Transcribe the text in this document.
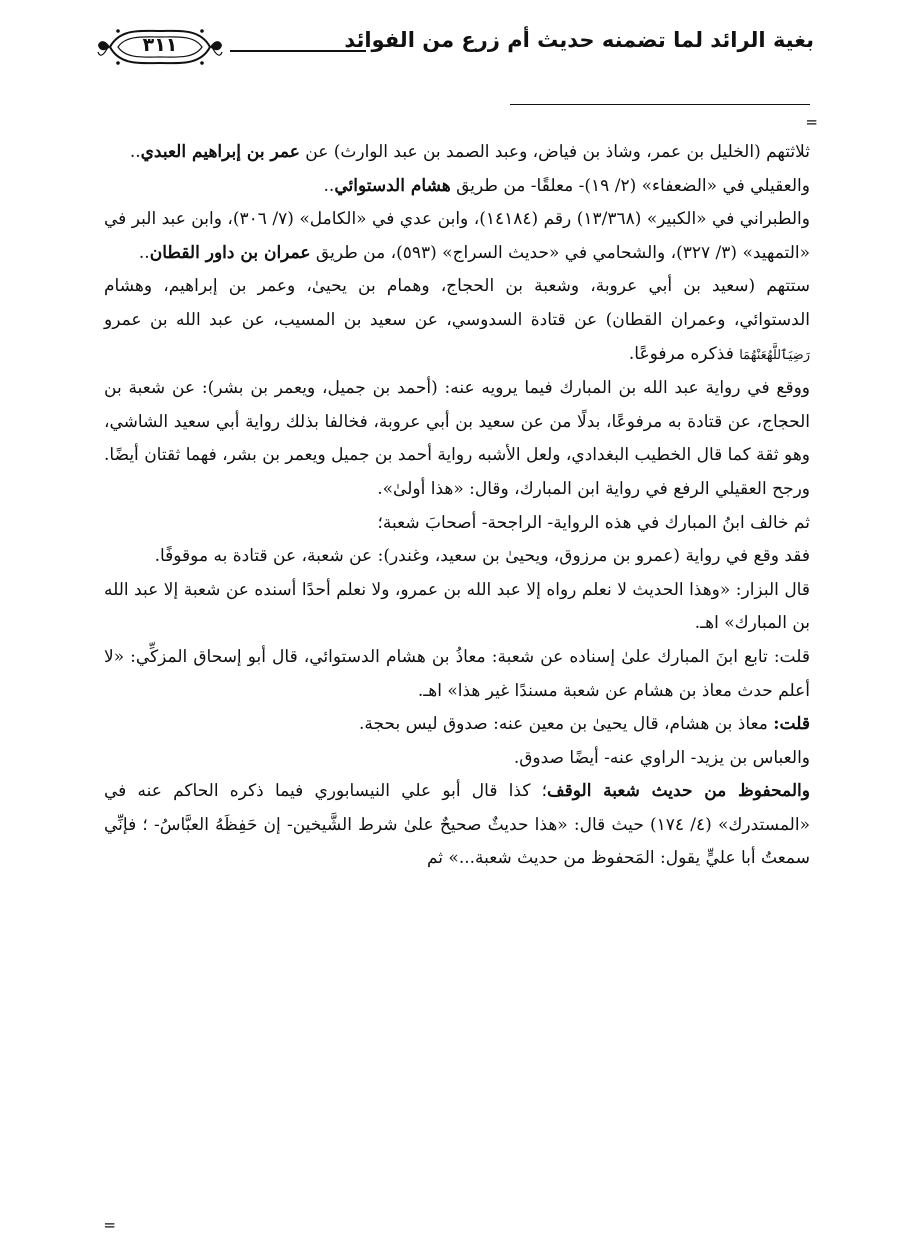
بغية الرائد لما تضمنه حديث أم زرع من الفوائد
٣١١
=

ثلاثتهم (الخليل بن عمر، وشاذ بن فياض، وعبد الصمد بن عبد الوارث) عن عمر بن إبراهيم العبدي..

والعقيلي في «الضعفاء» (٢/ ١٩)- معلقًا- من طريق هشام الدستوائي..

والطبراني في «الكبير» (١٣/٣٦٨) رقم (١٤١٨٤)، وابن عدي في «الكامل» (٧/ ٣٠٦)، وابن عبد البر في «التمهيد» (٣/ ٣٢٧)، والشحامي في «حديث السراج» (٥٩٣)، من طريق عمران بن داور القطان..

ستتهم (سعيد بن أبي عروبة، وشعبة بن الحجاج، وهمام بن يحيىٰ، وعمر بن إبراهيم، وهشام الدستوائي، وعمران القطان) عن قتادة السدوسي، عن سعيد بن المسيب، عن عبد الله بن عمرو رَضِيَٱللَّهُعَنْهُمَا فذكره مرفوعًا.

ووقع في رواية عبد الله بن المبارك فيما يرويه عنه: (أحمد بن جميل، ويعمر بن بشر): عن شعبة بن الحجاج، عن قتادة به مرفوعًا، بدلًا من عن سعيد بن أبي عروبة، فخالفا بذلك رواية أبي سعيد الشاشي، وهو ثقة كما قال الخطيب البغدادي، ولعل الأشبه رواية أحمد بن جميل ويعمر بن بشر، فهما ثقتان أيضًا. ورجح العقيلي الرفع في رواية ابن المبارك، وقال: «هذا أولىٰ».

ثم خالف ابنُ المبارك في هذه الرواية- الراجحة- أصحابَ شعبة؛

فقد وقع في رواية (عمرو بن مرزوق، ويحيىٰ بن سعيد، وغندر): عن شعبة، عن قتادة به موقوفًا.

قال البزار: «وهذا الحديث لا نعلم رواه إلا عبد الله بن عمرو، ولا نعلم أحدًا أسنده عن شعبة إلا عبد الله بن المبارك» اهـ.

قلت: تابع ابنَ المبارك علىٰ إسناده عن شعبة: معاذُ بن هشام الدستوائي، قال أبو إسحاق المزكِّي: «لا أعلم حدث معاذ بن هشام عن شعبة مسندًا غير هذا» اهـ.

قلت: معاذ بن هشام، قال يحيىٰ بن معين عنه: صدوق ليس بحجة.

والعباس بن يزيد- الراوي عنه- أيضًا صدوق.

والمحفوظ من حديث شعبة الوقف؛ كذا قال أبو علي النيسابوري فيما ذكره الحاكم عنه في «المستدرك» (٤/ ١٧٤) حيث قال: «هذا حديثٌ صحيحٌ علىٰ شرط الشَّيخين- إن حَفِظَهُ العبَّاسُ- ؛ فإنِّي سمعتُ أبا عليٍّ يقول: المَحفوظ من حديث شعبة...» ثم

=
